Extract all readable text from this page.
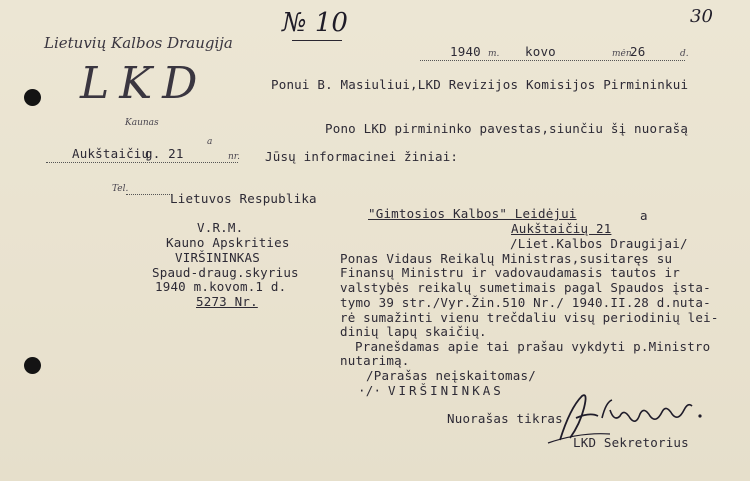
№ 10	30
Lietuvių Kalbos Draugija
LKD
Kaunas
1940 m. kovo	mėn.
26	d.
Ponui B. Masiuliui,LKD Revizijos Komisijos Pirmininkui
Pono LKD pirmininko pavestas,siunčiu šį nuorašą
Jūsų informacinei žiniai:
Aukštaičių
g. 21	nr.
a
Tel.
Lietuvos Respublika
V.R.M.
Kauno Apskrities
VIRŠININKAS
Spaud-draug.skyrius
1940 m.kovom.1 d.
5273 Nr.
"Gimtosios Kalbos" Leidėjui	a
Aukštaičių 21
/Liet.Kalbos Draugijai/
Ponas Vidaus Reikalų Ministras,susitaręs su
Finansų Ministru ir vadovaudamasis tautos ir
valstybės reikalų sumetimais pagal Spaudos įsta-
tymo 39 str./Vyr.Žin.510 Nr./ 1940.II.28 d.nuta-
rė sumažinti vienu trečdaliu visų periodinių lei-
dinių lapų skaičių.
Pranešdamas apie tai prašau vykdyti p.Ministro
nutarimą.
/Parašas neįskaitomas/
·/· VIRŠININKAS
Nuorašas tikras
LKD Sekretorius
